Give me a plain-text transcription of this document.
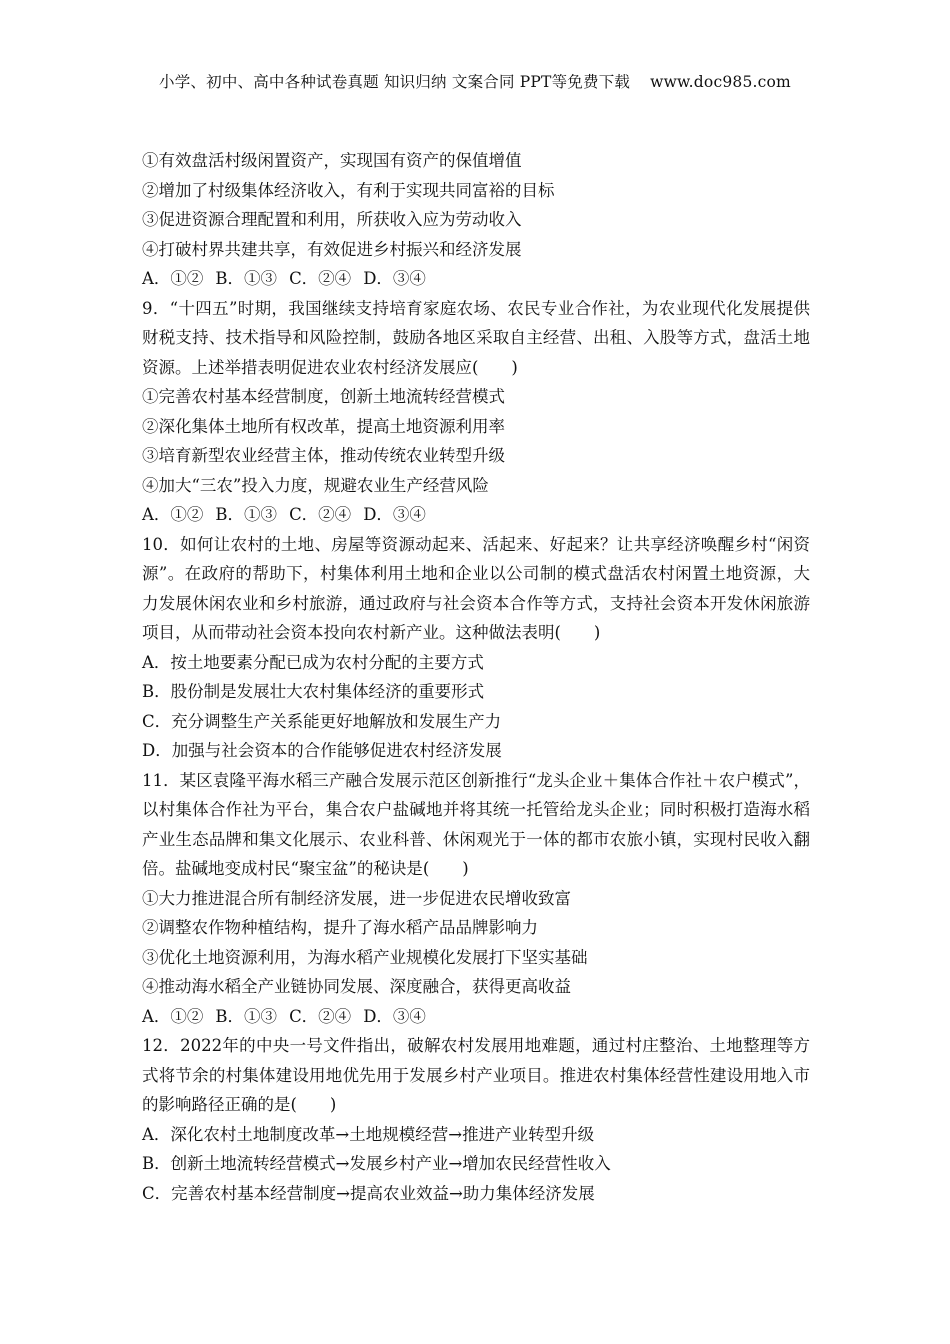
小学、初中、高中各种试卷真题 知识归纳 文案合同 PPT等免费下载 www.doc985.com
①有效盘活村级闲置资产，实现国有资产的保值增值
②增加了村级集体经济收入，有利于实现共同富裕的目标
③促进资源合理配置和利用，所获收入应为劳动收入
④打破村界共建共享，有效促进乡村振兴和经济发展
A．①② B．①③ C．②④ D．③④
9．“十四五”时期，我国继续支持培育家庭农场、农民专业合作社，为农业现代化发展提供财税支持、技术指导和风险控制，鼓励各地区采取自主经营、出租、入股等方式，盘活土地资源。上述举措表明促进农业农村经济发展应(　　)
①完善农村基本经营制度，创新土地流转经营模式
②深化集体土地所有权改革，提高土地资源利用率
③培育新型农业经营主体，推动传统农业转型升级
④加大“三农”投入力度，规避农业生产经营风险
A．①② B．①③ C．②④ D．③④
10．如何让农村的土地、房屋等资源动起来、活起来、好起来？让共享经济唤醒乡村“闲资源”。在政府的帮助下，村集体利用土地和企业以公司制的模式盘活农村闲置土地资源，大力发展休闲农业和乡村旅游，通过政府与社会资本合作等方式，支持社会资本开发休闲旅游项目，从而带动社会资本投向农村新产业。这种做法表明(　　)
A．按土地要素分配已成为农村分配的主要方式
B．股份制是发展壮大农村集体经济的重要形式
C．充分调整生产关系能更好地解放和发展生产力
D．加强与社会资本的合作能够促进农村经济发展
11．某区袁隆平海水稻三产融合发展示范区创新推行“龙头企业＋集体合作社＋农户模式”，以村集体合作社为平台，集合农户盐碱地并将其统一托管给龙头企业；同时积极打造海水稻产业生态品牌和集文化展示、农业科普、休闲观光于一体的都市农旅小镇，实现村民收入翻倍。盐碱地变成村民“聚宝盆”的秘诀是(　　)
①大力推进混合所有制经济发展，进一步促进农民增收致富
②调整农作物种植结构，提升了海水稻产品品牌影响力
③优化土地资源利用，为海水稻产业规模化发展打下坚实基础
④推动海水稻全产业链协同发展、深度融合，获得更高收益
A．①② B．①③ C．②④ D．③④
12．2022年的中央一号文件指出，破解农村发展用地难题，通过村庄整治、土地整理等方式将节余的村集体建设用地优先用于发展乡村产业项目。推进农村集体经营性建设用地入市的影响路径正确的是(　　)
A．深化农村土地制度改革→土地规模经营→推进产业转型升级
B．创新土地流转经营模式→发展乡村产业→增加农民经营性收入
C．完善农村基本经营制度→提高农业效益→助力集体经济发展
